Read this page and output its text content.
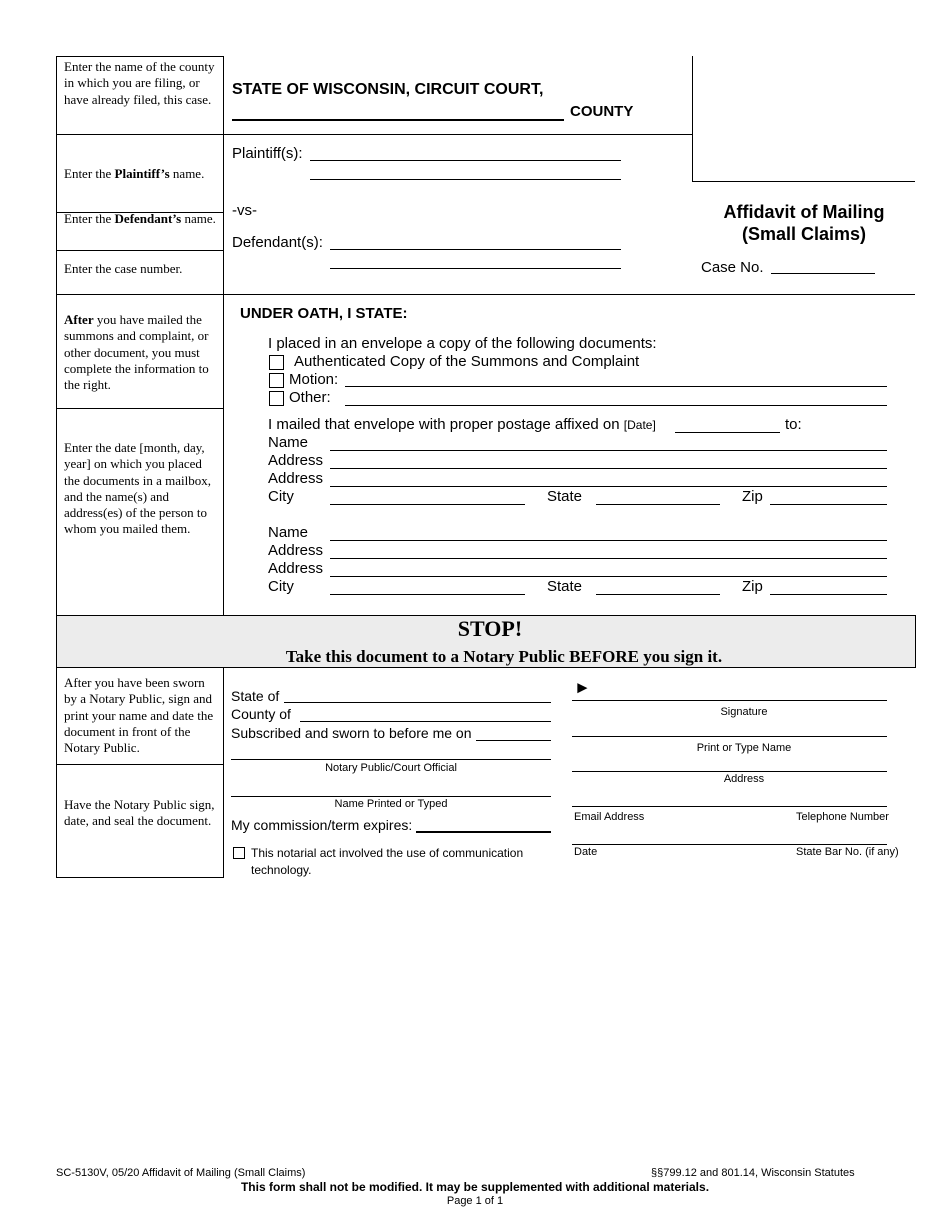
Enter the name of the county in which you are filing, or have already filed, this case.
Enter the Plaintiff’s name.
Enter the Defendant’s name.
Enter the case number.
After you have mailed the summons and complaint, or other document, you must complete the information to the right.
Enter the date [month, day, year] on which you placed the documents in a mailbox, and the name(s) and address(es) of the person to whom you mailed them.
After you have been sworn by a Notary Public, sign and print your name and date the document in front of the Notary Public.
Have the Notary Public sign, date, and seal the document.
STATE OF WISCONSIN, CIRCUIT COURT,
COUNTY
Plaintiff(s):
-vs-
Defendant(s):
Affidavit of Mailing
(Small Claims)
Case No.
UNDER OATH, I STATE:
I placed in an envelope a copy of the following documents:
Authenticated Copy of the Summons and Complaint
Motion:
Other:
I mailed that envelope with proper postage affixed on [Date]	to:
Name
Address
Address
City	State	Zip
Name
Address
Address
City	State	Zip
STOP!
Take this document to a Notary Public BEFORE you sign it.
State of
County of
Subscribed and sworn to before me on
Notary Public/Court Official
Name Printed or Typed
My commission/term expires:
This notarial act involved the use of communication technology.
►
Signature
Print or Type Name
Address
Email Address	Telephone Number
Date	State Bar No. (if any)
SC-5130V, 05/20 Affidavit of Mailing (Small Claims)	§§799.12 and 801.14, Wisconsin Statutes
This form shall not be modified. It may be supplemented with additional materials.
Page 1 of 1
